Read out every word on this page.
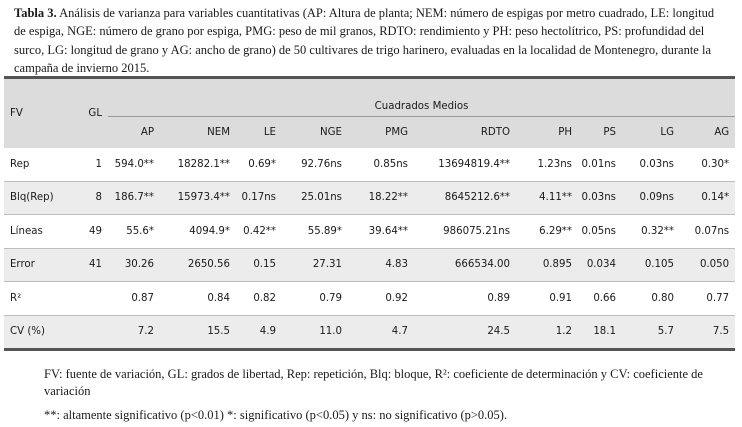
Tabla 3. Análisis de varianza para variables cuantitativas (AP: Altura de planta; NEM: número de espigas por metro cuadrado, LE: longitud de espiga, NGE: número de grano por espiga, PMG: peso de mil granos, RDTO: rendimiento y PH: peso hectolítrico, PS: profundidad del surco, LG: longitud de grano y AG: ancho de grano) de 50 cultivares de trigo harinero, evaluadas en la localidad de Montenegro, durante la campaña de invierno 2015.
FV	GL	Cuadrados Medios									
		AP	NEM	LE	NGE	PMG	RDTO	PH	PS	LG	AG
Rep	1	594.0**	18282.1**	0.69*	92.76ns	0.85ns	13694819.4**	1.23ns	0.01ns	0.03ns	0.30*
Blq(Rep)	8	186.7**	15973.4**	0.17ns	25.01ns	18.22**	8645212.6**	4.11**	0.03ns	0.09ns	0.14*
Líneas	49	55.6*	4094.9*	0.42**	55.89*	39.64**	986075.21ns	6.29**	0.05ns	0.32**	0.07ns
Error	41	30.26	2650.56	0.15	27.31	4.83	666534.00	0.895	0.034	0.105	0.050
R²		0.87	0.84	0.82	0.79	0.92	0.89	0.91	0.66	0.80	0.77
CV (%)		7.2	15.5	4.9	11.0	4.7	24.5	1.2	18.1	5.7	7.5
FV: fuente de variación, GL: grados de libertad, Rep: repetición, Blq: bloque, R²: coeficiente de determinación y CV: coeficiente de variación
**: altamente significativo (p<0.01) *: significativo (p<0.05) y ns: no significativo (p>0.05).
